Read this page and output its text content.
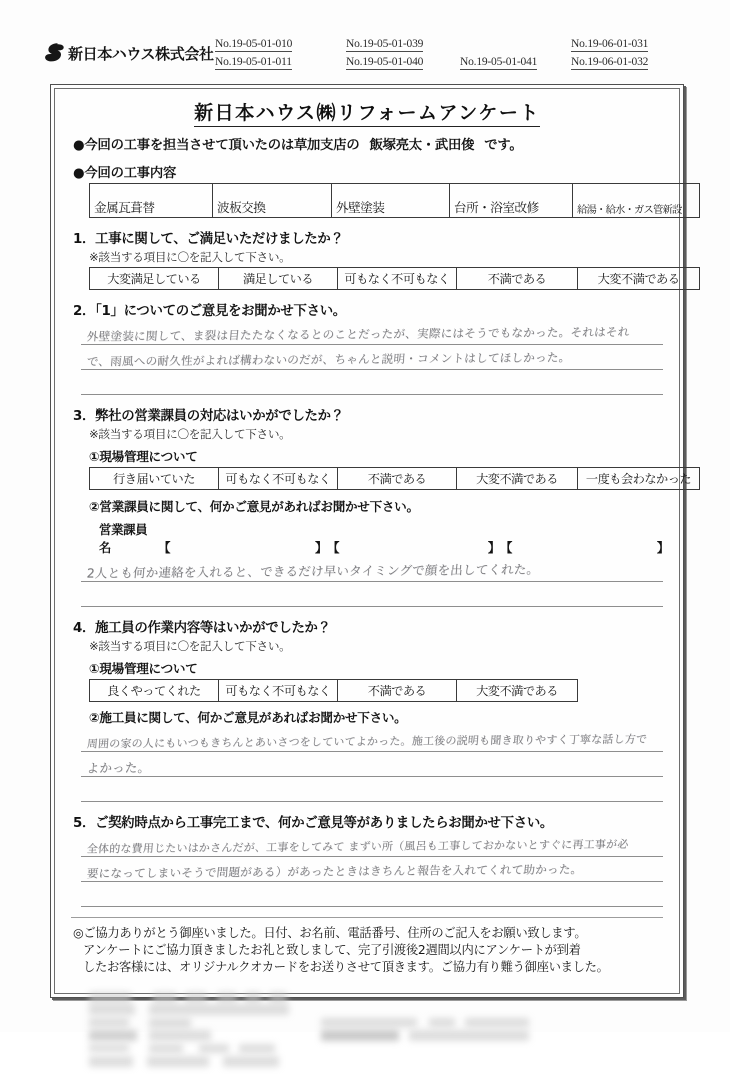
新日本ハウス株式会社
No.19-05-01-010	No.19-05-01-039	No.19-06-01-031
No.19-05-01-011	No.19-05-01-040	No.19-05-01-041	No.19-06-01-032
新日本ハウス㈱リフォームアンケート
●今回の工事を担当させて頂いたのは草加支店の 飯塚亮太・武田俊 です。
●今回の工事内容
金属瓦葺替	波板交換	外壁塗装	台所・浴室改修	給湯・給水・ガス管新設
1．工事に関して、ご満足いただけましたか？
※該当する項目に〇を記入して下さい。
大変満足している	満足している	可もなく不可もなく	不満である	大変不満である
2．「1」についてのご意見をお聞かせ下さい。
外壁塗装に関して、ま裂は目たたなくなるとのことだったが、実際にはそうでもなかった。それはそれ
で、雨風への耐久性がよれば構わないのだが、ちゃんと説明・コメントはしてほしかった。
3．弊社の営業課員の対応はいかがでしたか？
※該当する項目に〇を記入して下さい。
①現場管理について
行き届いていた	可もなく不可もなく	不満である	大変不満である	一度も会わなかった
②営業課員に関して、何かご意見があればお聞かせ下さい。
営業課員名	【	】 【	】 【	】
2人とも何か連絡を入れると、できるだけ早いタイミングで顔を出してくれた。
4．施工員の作業内容等はいかがでしたか？
※該当する項目に〇を記入して下さい。
①現場管理について
良くやってくれた	可もなく不可もなく	不満である	大変不満である
②施工員に関して、何かご意見があればお聞かせ下さい。
周囲の家の人にもいつもきちんとあいさつをしていてよかった。施工後の説明も聞き取りやすく丁寧な話し方で
よかった。
5．ご契約時点から工事完工まで、何かご意見等がありましたらお聞かせ下さい。
全体的な費用じたいはかさんだが、工事をしてみて まずい所（風呂も工事しておかないとすぐに再工事が必
要になってしまいそうで問題がある）があったときはきちんと報告を入れてくれて助かった。
◎ご協力ありがとう御座いました。日付、お名前、電話番号、住所のご記入をお願い致します。
アンケートにご協力頂きましたお礼と致しまして、完了引渡後2週間以内にアンケートが到着
したお客様には、オリジナルクオカードをお送りさせて頂きます。ご協力有り難う御座いました。
